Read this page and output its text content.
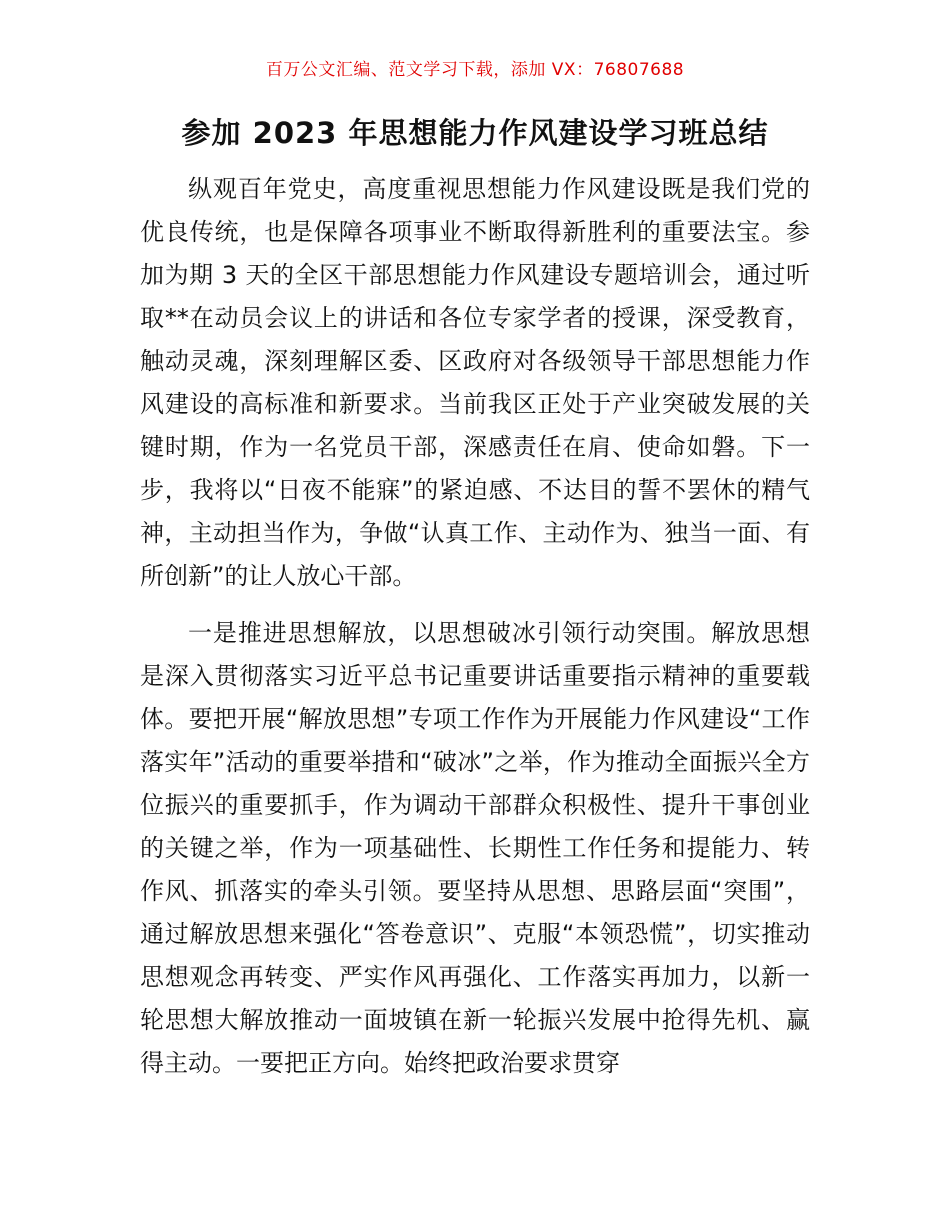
百万公文汇编、范文学习下载，添加 VX：76807688
参加 2023 年思想能力作风建设学习班总结

纵观百年党史，高度重视思想能力作风建设既是我们党的优良传统，也是保障各项事业不断取得新胜利的重要法宝。参加为期 3 天的全区干部思想能力作风建设专题培训会，通过听取**在动员会议上的讲话和各位专家学者的授课，深受教育，触动灵魂，深刻理解区委、区政府对各级领导干部思想能力作风建设的高标准和新要求。当前我区正处于产业突破发展的关键时期，作为一名党员干部，深感责任在肩、使命如磐。下一步，我将以“日夜不能寐”的紧迫感、不达目的誓不罢休的精气神，主动担当作为，争做“认真工作、主动作为、独当一面、有所创新”的让人放心干部。

一是推进思想解放，以思想破冰引领行动突围。解放思想是深入贯彻落实习近平总书记重要讲话重要指示精神的重要载体。要把开展“解放思想”专项工作作为开展能力作风建设“工作落实年”活动的重要举措和“破冰”之举，作为推动全面振兴全方位振兴的重要抓手，作为调动干部群众积极性、提升干事创业的关键之举，作为一项基础性、长期性工作任务和提能力、转作风、抓落实的牵头引领。要坚持从思想、思路层面“突围”，通过解放思想来强化“答卷意识”、克服“本领恐慌”，切实推动思想观念再转变、严实作风再强化、工作落实再加力，以新一轮思想大解放推动一面坡镇在新一轮振兴发展中抢得先机、赢得主动。一要把正方向。始终把政治要求贯穿
